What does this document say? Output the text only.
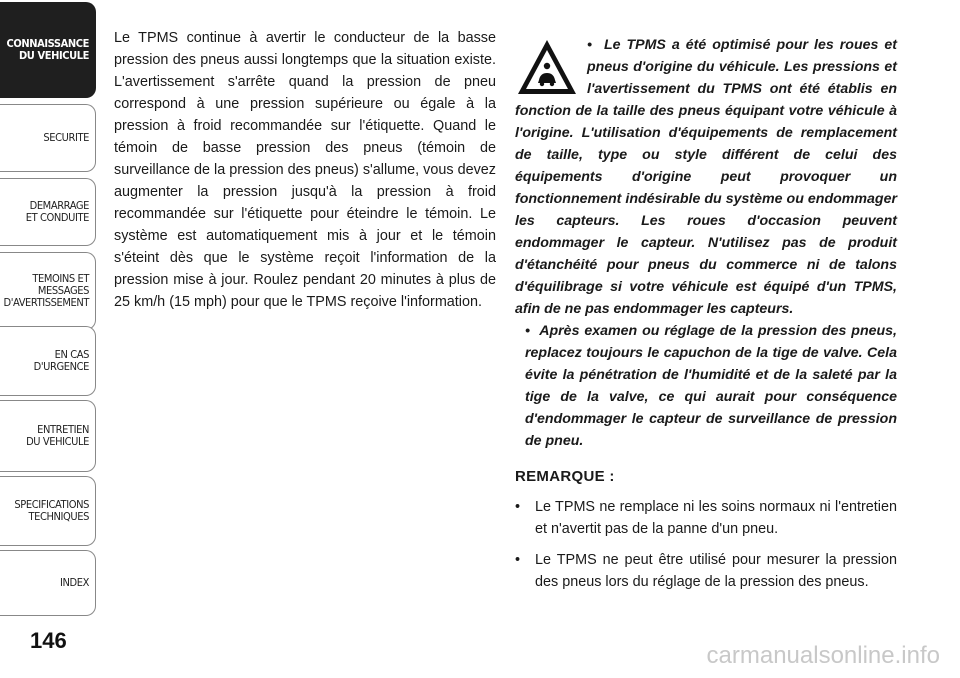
CONNAISSANCE
DU VEHICULE
SECURITE
DEMARRAGE
ET CONDUITE
TEMOINS ET
MESSAGES
D'AVERTISSEMENT
EN CAS
D'URGENCE
ENTRETIEN
DU VEHICULE
SPECIFICATIONS
TECHNIQUES
INDEX
146
Le TPMS continue à avertir le conducteur de la basse pression des pneus aussi longtemps que la situation existe. L'avertissement s'arrête quand la pression de pneu correspond à une pression supérieure ou égale à la pression à froid recommandée sur l'étiquette. Quand le témoin de basse pression des pneus (témoin de surveillance de la pression des pneus) s'allume, vous devez augmenter la pression jusqu'à la pression à froid recommandée sur l'étiquette pour éteindre le témoin. Le système est automatiquement mis à jour et le témoin s'éteint dès que le système reçoit l'information de la pression mise à jour. Roulez pendant 20 minutes à plus de 25 km/h (15 mph) pour que le TPMS reçoive l'information.

• Le TPMS a été optimisé pour les roues et pneus d'origine du véhicule. Les pressions et l'avertissement du TPMS ont été établis en fonction de la taille des pneus équipant votre véhicule à l'origine. L'utilisation d'équipements de remplacement de taille, type ou style différent de celui des équipements d'origine peut provoquer un fonctionnement indésirable du système ou endommager les capteurs. Les roues d'occasion peuvent endommager le capteur. N'utilisez pas de produit d'étanchéité pour pneus du commerce ni de talons d'équilibrage si votre véhicule est équipé d'un TPMS, afin de ne pas endommager les capteurs.

• Après examen ou réglage de la pression des pneus, replacez toujours le capuchon de la tige de valve. Cela évite la pénétration de l'humidité et de la saleté par la tige de la valve, ce qui aurait pour conséquence d'endommager le capteur de surveillance de pression de pneu.

REMARQUE :
• Le TPMS ne remplace ni les soins normaux ni l'entretien et n'avertit pas de la panne d'un pneu.
• Le TPMS ne peut être utilisé pour mesurer la pression des pneus lors du réglage de la pression des pneus.
carmanualsonline.info
